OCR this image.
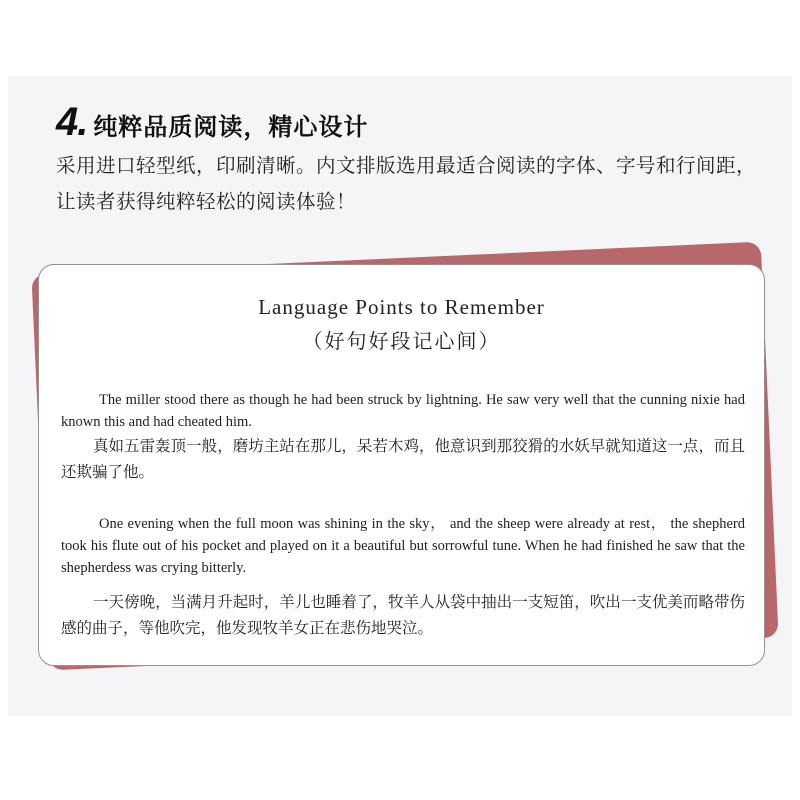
4. 纯粹品质阅读，精心设计
采用进口轻型纸，印刷清晰。内文排版选用最适合阅读的字体、字号和行间距，让读者获得纯粹轻松的阅读体验！
Language Points to Remember
（好句好段记心间）
The miller stood there as though he had been struck by lightning. He saw very well that the cunning nixie had known this and had cheated him.
真如五雷轰顶一般，磨坊主站在那儿，呆若木鸡，他意识到那狡猾的水妖早就知道这一点，而且还欺骗了他。
One evening when the full moon was shining in the sky， and the sheep were already at rest， the shepherd took his flute out of his pocket and played on it a beautiful but sorrowful tune. When he had finished he saw that the shepherdess was crying bitterly.
一天傍晚，当满月升起时，羊儿也睡着了，牧羊人从袋中抽出一支短笛，吹出一支优美而略带伤感的曲子，等他吹完，他发现牧羊女正在悲伤地哭泣。
